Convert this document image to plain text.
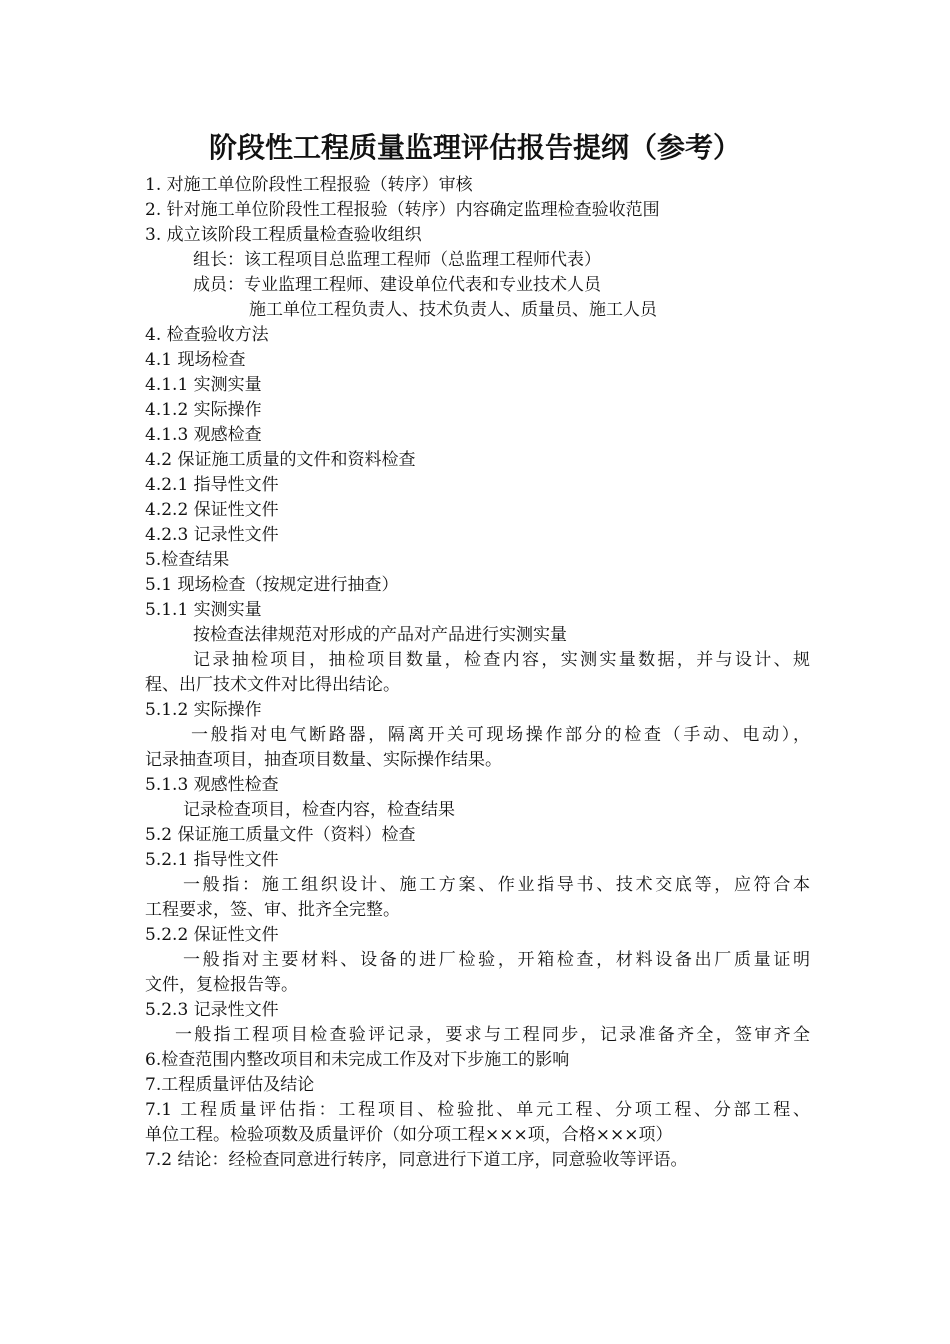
阶段性工程质量监理评估报告提纲（参考）
1. 对施工单位阶段性工程报验（转序）审核
2. 针对施工单位阶段性工程报验（转序）内容确定监理检查验收范围
3. 成立该阶段工程质量检查验收组织
组长：该工程项目总监理工程师（总监理工程师代表）
成员：专业监理工程师、建设单位代表和专业技术人员
施工单位工程负责人、技术负责人、质量员、施工人员
4. 检查验收方法
4.1 现场检查
4.1.1 实测实量
4.1.2 实际操作
4.1.3 观感检查
4.2 保证施工质量的文件和资料检查
4.2.1 指导性文件
4.2.2 保证性文件
4.2.3 记录性文件
5.检查结果
5.1 现场检查（按规定进行抽查）
5.1.1 实测实量
按检查法律规范对形成的产品对产品进行实测实量
记录抽检项目，抽检项目数量，检查内容，实测实量数据，并与设计、规
程、出厂技术文件对比得出结论。
5.1.2 实际操作
一般指对电气断路器，隔离开关可现场操作部分的检查（手动、电动），
记录抽查项目，抽查项目数量、实际操作结果。
5.1.3 观感性检查
记录检查项目，检查内容，检查结果
5.2 保证施工质量文件（资料）检查
5.2.1 指导性文件
一般指：施工组织设计、施工方案、作业指导书、技术交底等，应符合本
工程要求，签、审、批齐全完整。
5.2.2 保证性文件
一般指对主要材料、设备的进厂检验，开箱检查，材料设备出厂质量证明
文件，复检报告等。
5.2.3 记录性文件
一般指工程项目检查验评记录，要求与工程同步，记录准备齐全，签审齐全
6.检查范围内整改项目和未完成工作及对下步施工的影响
7.工程质量评估及结论
7.1 工程质量评估指：工程项目、检验批、单元工程、分项工程、分部工程、
单位工程。检验项数及质量评价（如分项工程×××项，合格×××项）
7.2 结论：经检查同意进行转序，同意进行下道工序，同意验收等评语。
